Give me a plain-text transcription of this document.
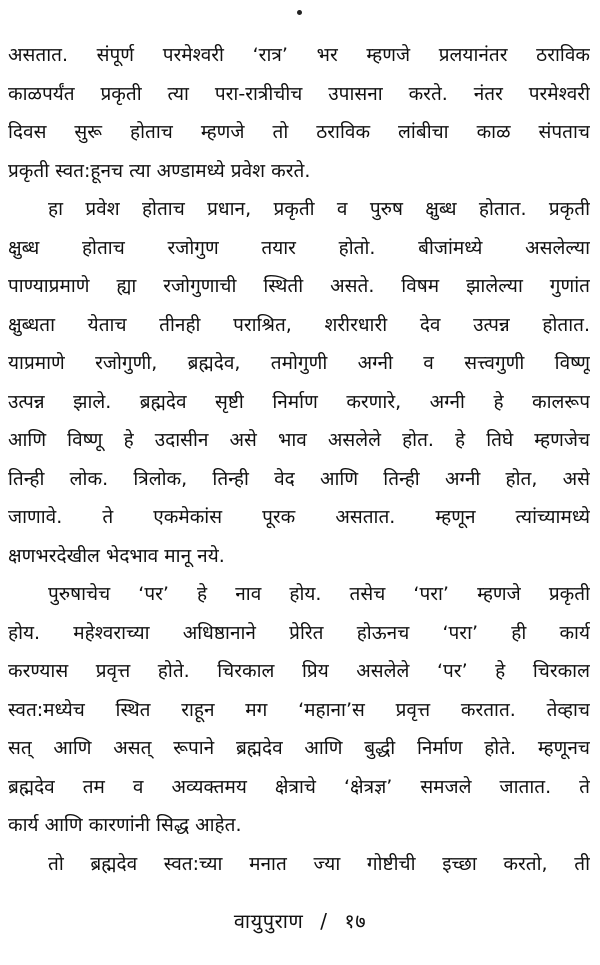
असतात. संपूर्ण परमेश्वरी ‘रात्र’ भर म्हणजे प्रलयानंतर ठराविक
काळपर्यंत प्रकृती त्या परा-रात्रीचीच उपासना करते. नंतर परमेश्वरी
दिवस सुरू होताच म्हणजे तो ठराविक लांबीचा काळ संपताच
प्रकृती स्वत:हूनच त्या अण्डामध्ये प्रवेश करते.
हा प्रवेश होताच प्रधान, प्रकृती व पुरुष क्षुब्ध होतात. प्रकृती
क्षुब्ध होताच रजोगुण तयार होतो. बीजांमध्ये असलेल्या
पाण्याप्रमाणे ह्या रजोगुणाची स्थिती असते. विषम झालेल्या गुणांत
क्षुब्धता येताच तीनही पराश्रित, शरीरधारी देव उत्पन्न होतात.
याप्रमाणे रजोगुणी, ब्रह्मदेव, तमोगुणी अग्नी व सत्त्वगुणी विष्णू
उत्पन्न झाले. ब्रह्मदेव सृष्टी निर्माण करणारे, अग्नी हे कालरूप
आणि विष्णू हे उदासीन असे भाव असलेले होत. हे तिघे म्हणजेच
तिन्ही लोक. त्रिलोक, तिन्ही वेद आणि तिन्ही अग्नी होत, असे
जाणावे. ते एकमेकांस पूरक असतात. म्हणून त्यांच्यामध्ये
क्षणभरदेखील भेदभाव मानू नये.
पुरुषाचेच ‘पर’ हे नाव होय. तसेच ‘परा’ म्हणजे प्रकृती
होय. महेश्वराच्या अधिष्ठानाने प्रेरित होऊनच ‘परा’ ही कार्य
करण्यास प्रवृत्त होते. चिरकाल प्रिय असलेले ‘पर’ हे चिरकाल
स्वत:मध्येच स्थित राहून मग ‘महाना’स प्रवृत्त करतात. तेव्हाच
सत् आणि असत् रूपाने ब्रह्मदेव आणि बुद्धी निर्माण होते. म्हणूनच
ब्रह्मदेव तम व अव्यक्तमय क्षेत्राचे ‘क्षेत्रज्ञ’ समजले जातात. ते
कार्य आणि कारणांनी सिद्ध आहेत.
तो ब्रह्मदेव स्वत:च्या मनात ज्या गोष्टीची इच्छा करतो, ती
वायुपुराण / १७
